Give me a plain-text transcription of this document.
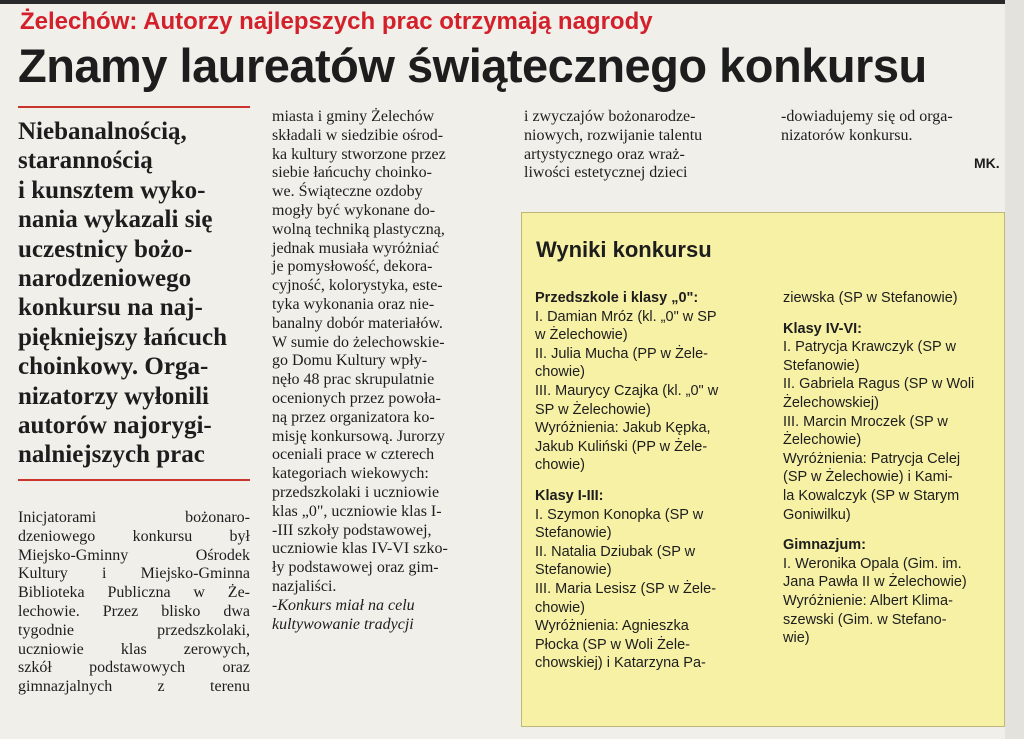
Żelechów: Autorzy najlepszych prac otrzymają nagrody
Znamy laureatów świątecznego konkursu
Niebanalnością,
starannością
i kunsztem wyko-
nania wykazali się
uczestnicy bożo-
narodzeniowego
konkursu na naj-
piękniejszy łańcuch
choinkowy. Orga-
nizatorzy wyłonili
autorów najorygi-
nalniejszych prac
Inicjatorami bożonaro-
dzeniowego konkursu był
Miejsko-Gminny Ośrodek
Kultury i Miejsko-Gminna
Biblioteka Publiczna w Że-
lechowie. Przez blisko dwa
tygodnie przedszkolaki,
uczniowie klas zerowych,
szkół podstawowych oraz
gimnazjalnych z terenu
miasta i gminy Żelechów
składali w siedzibie ośrod-
ka kultury stworzone przez
siebie łańcuchy choinko-
we. Świąteczne ozdoby
mogły być wykonane do-
wolną techniką plastyczną,
jednak musiała wyróżniać
je pomysłowość, dekora-
cyjność, kolorystyka, este-
tyka wykonania oraz nie-
banalny dobór materiałów.
W sumie do żelechowskie-
go Domu Kultury wpły-
nęło 48 prac skrupulatnie
ocenionych przez powoła-
ną przez organizatora ko-
misję konkursową. Jurorzy
oceniali prace w czterech
kategoriach wiekowych:
przedszkolaki i uczniowie
klas „0", uczniowie klas I-
-III szkoły podstawowej,
uczniowie klas IV-VI szko-
ły podstawowej oraz gim-
nazjaliści.
-Konkurs miał na celu
kultywowanie tradycji
i zwyczajów bożonarodze-
niowych, rozwijanie talentu
artystycznego oraz wraż-
liwości estetycznej dzieci
-dowiadujemy się od orga-
nizatorów konkursu.
MK.
Wyniki konkursu
Przedszkole i klasy „0":
I. Damian Mróz (kl. „0" w SP
w Żelechowie)
II. Julia Mucha (PP w Żele-
chowie)
III. Maurycy Czajka (kl. „0" w
SP w Żelechowie)
Wyróżnienia: Jakub Kępka,
Jakub Kuliński (PP w Żele-
chowie)
Klasy I-III:
I. Szymon Konopka (SP w
Stefanowie)
II. Natalia Dziubak (SP w
Stefanowie)
III. Maria Lesisz (SP w Żele-
chowie)
Wyróżnienia: Agnieszka
Płocka (SP w Woli Żele-
chowskiej) i Katarzyna Pa-
ziewska (SP w Stefanowie)
Klasy IV-VI:
I. Patrycja Krawczyk (SP w
Stefanowie)
II. Gabriela Ragus (SP w Woli
Żelechowskiej)
III. Marcin Mroczek (SP w
Żelechowie)
Wyróżnienia: Patrycja Celej
(SP w Żelechowie) i Kami-
la Kowalczyk (SP w Starym
Goniwilku)
Gimnazjum:
I. Weronika Opala (Gim. im.
Jana Pawła II w Żelechowie)
Wyróżnienie: Albert Klima-
szewski (Gim. w Stefano-
wie)
